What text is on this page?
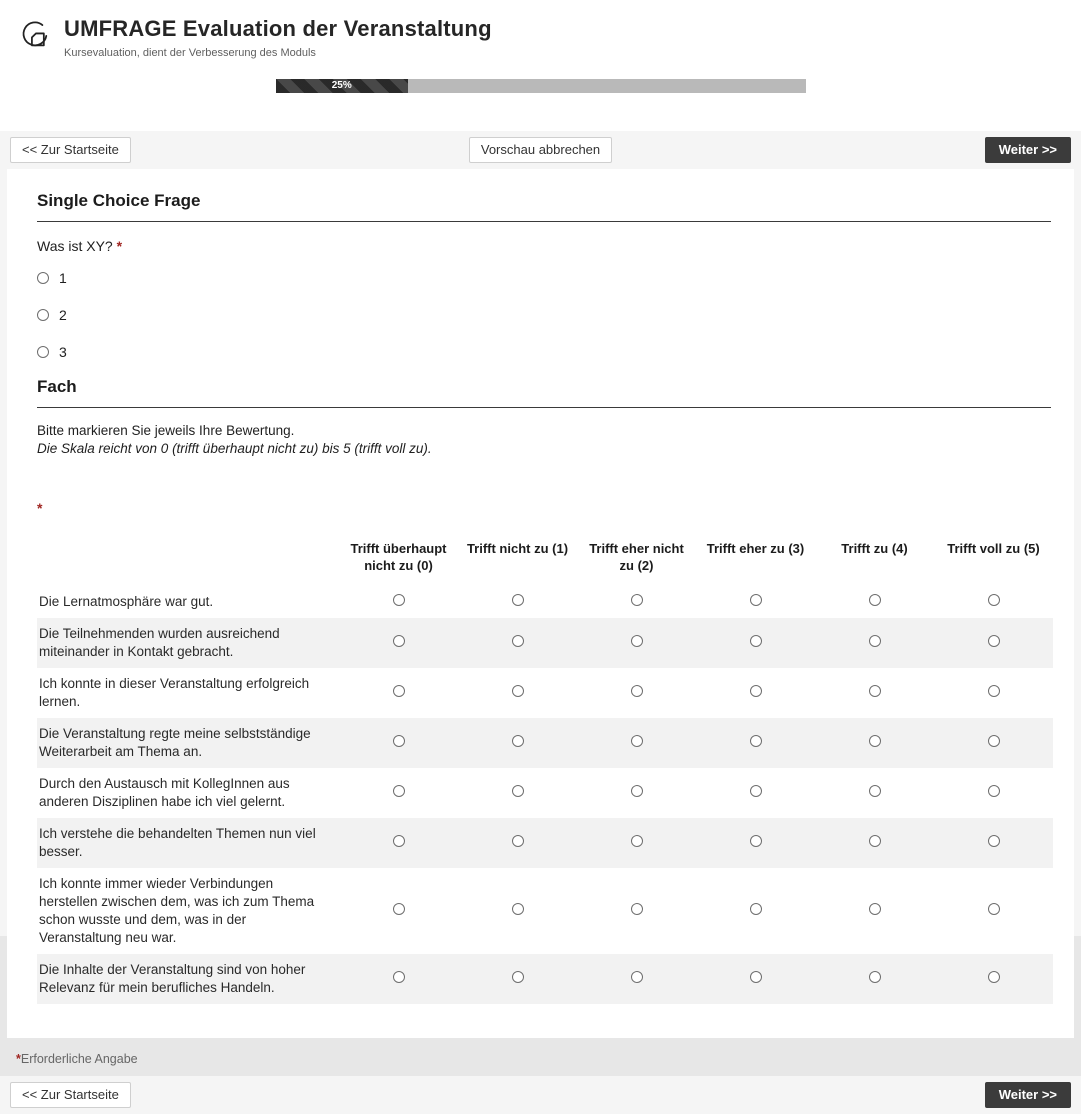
UMFRAGE Evaluation der Veranstaltung
Kursevaluation, dient der Verbesserung des Moduls
25%
<< Zur Startseite	Vorschau abbrechen	Weiter >>
Single Choice Frage
Was ist XY? *
1
2
3
Fach
Bitte markieren Sie jeweils Ihre Bewertung.
Die Skala reicht von 0 (trifft überhaupt nicht zu) bis 5 (trifft voll zu).
*
	Trifft überhaupt nicht zu (0)	Trifft nicht zu (1)	Trifft eher nicht zu (2)	Trifft eher zu (3)	Trifft zu (4)	Trifft voll zu (5)
Die Lernatmosphäre war gut.						
Die Teilnehmenden wurden ausreichend miteinander in Kontakt gebracht.						
Ich konnte in dieser Veranstaltung erfolgreich lernen.						
Die Veranstaltung regte meine selbstständige Weiterarbeit am Thema an.						
Durch den Austausch mit KollegInnen aus anderen Disziplinen habe ich viel gelernt.						
Ich verstehe die behandelten Themen nun viel besser.						
Ich konnte immer wieder Verbindungen herstellen zwischen dem, was ich zum Thema schon wusste und dem, was in der Veranstaltung neu war.						
Die Inhalte der Veranstaltung sind von hoher Relevanz für mein berufliches Handeln.						
*Erforderliche Angabe
<< Zur Startseite	Weiter >>
